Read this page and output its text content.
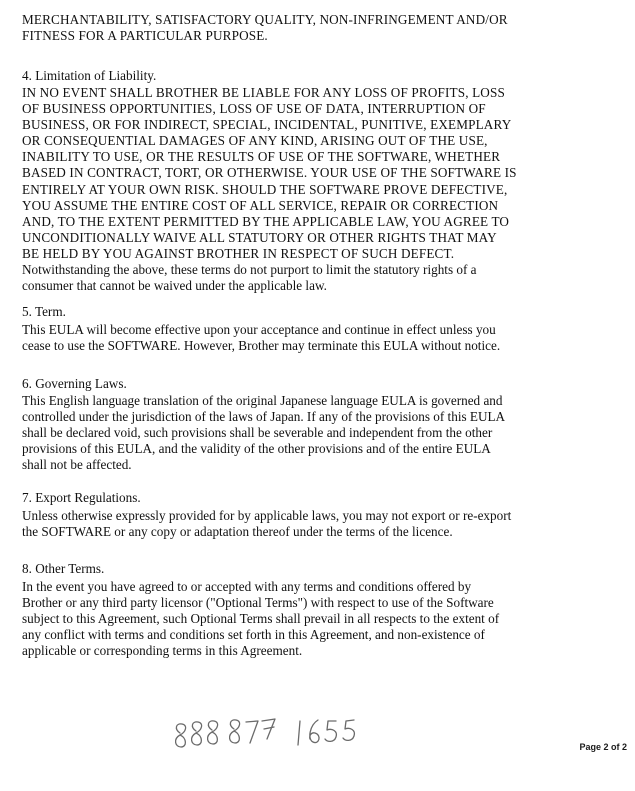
MERCHANTABILITY, SATISFACTORY QUALITY, NON-INFRINGEMENT AND/OR
FITNESS FOR A PARTICULAR PURPOSE.
4. Limitation of Liability.
IN NO EVENT SHALL BROTHER BE LIABLE FOR ANY LOSS OF PROFITS, LOSS
OF BUSINESS OPPORTUNITIES, LOSS OF USE OF DATA, INTERRUPTION OF
BUSINESS, OR FOR INDIRECT, SPECIAL, INCIDENTAL, PUNITIVE, EXEMPLARY
OR CONSEQUENTIAL DAMAGES OF ANY KIND, ARISING OUT OF THE USE,
INABILITY TO USE, OR THE RESULTS OF USE OF THE SOFTWARE, WHETHER
BASED IN CONTRACT, TORT, OR OTHERWISE. YOUR USE OF THE SOFTWARE IS
ENTIRELY AT YOUR OWN RISK. SHOULD THE SOFTWARE PROVE DEFECTIVE,
YOU ASSUME THE ENTIRE COST OF ALL SERVICE, REPAIR OR CORRECTION
AND, TO THE EXTENT PERMITTED BY THE APPLICABLE LAW, YOU AGREE TO
UNCONDITIONALLY WAIVE ALL STATUTORY OR OTHER RIGHTS THAT MAY
BE HELD BY YOU AGAINST BROTHER IN RESPECT OF SUCH DEFECT.
Notwithstanding the above, these terms do not purport to limit the statutory rights of a
consumer that cannot be waived under the applicable law.
5. Term.
This EULA will become effective upon your acceptance and continue in effect unless you
cease to use the SOFTWARE. However, Brother may terminate this EULA without notice.
6. Governing Laws.
This English language translation of the original Japanese language EULA is governed and
controlled under the jurisdiction of the laws of Japan. If any of the provisions of this EULA
shall be declared void, such provisions shall be severable and independent from the other
provisions of this EULA, and the validity of the other provisions and of the entire EULA
shall not be affected.
7. Export Regulations.
Unless otherwise expressly provided for by applicable laws, you may not export or re-export
the SOFTWARE or any copy or adaptation thereof under the terms of the licence.
8. Other Terms.
In the event you have agreed to or accepted with any terms and conditions offered by
Brother or any third party licensor ("Optional Terms") with respect to use of the Software
subject to this Agreement, such Optional Terms shall prevail in all respects to the extent of
any conflict with terms and conditions set forth in this Agreement, and non-existence of
applicable or corresponding terms in this Agreement.
Page 2 of 2
